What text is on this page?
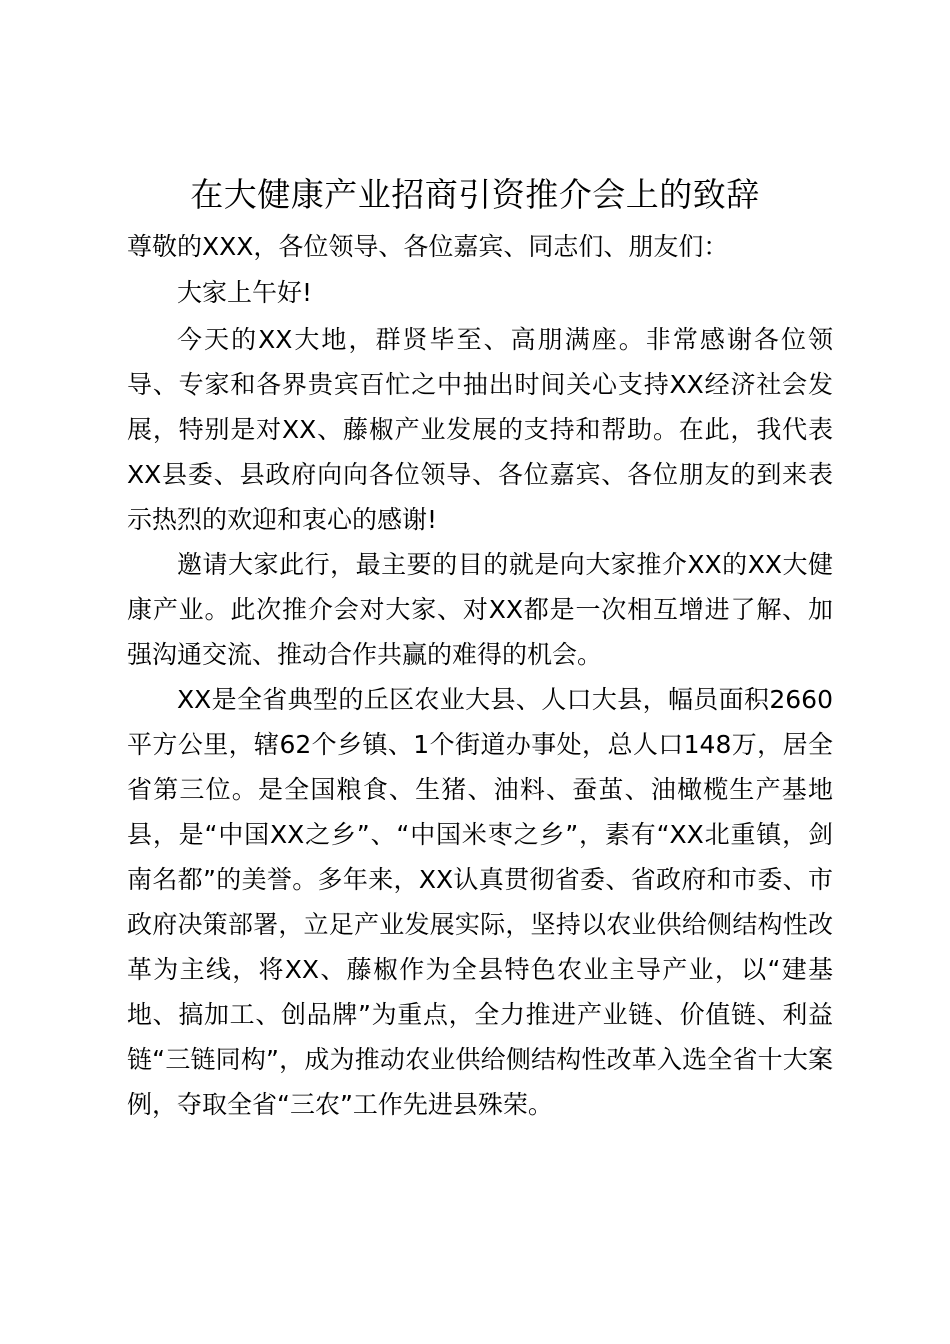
在大健康产业招商引资推介会上的致辞

尊敬的XXX，各位领导、各位嘉宾、同志们、朋友们：

大家上午好!

今天的XX大地，群贤毕至、高朋满座。非常感谢各位领导、专家和各界贵宾百忙之中抽出时间关心支持XX经济社会发展，特别是对XX、藤椒产业发展的支持和帮助。在此，我代表XX县委、县政府向向各位领导、各位嘉宾、各位朋友的到来表示热烈的欢迎和衷心的感谢!

邀请大家此行，最主要的目的就是向大家推介XX的XX大健康产业。此次推介会对大家、对XX都是一次相互增进了解、加强沟通交流、推动合作共赢的难得的机会。

XX是全省典型的丘区农业大县、人口大县，幅员面积2660平方公里，辖62个乡镇、1个街道办事处，总人口148万，居全省第三位。是全国粮食、生猪、油料、蚕茧、油橄榄生产基地县，是“中国XX之乡”、“中国米枣之乡”，素有“XX北重镇，剑南名都”的美誉。多年来，XX认真贯彻省委、省政府和市委、市政府决策部署，立足产业发展实际，坚持以农业供给侧结构性改革为主线，将XX、藤椒作为全县特色农业主导产业，以“建基地、搞加工、创品牌”为重点，全力推进产业链、价值链、利益链“三链同构”，成为推动农业供给侧结构性改革入选全省十大案例，夺取全省“三农”工作先进县殊荣。
